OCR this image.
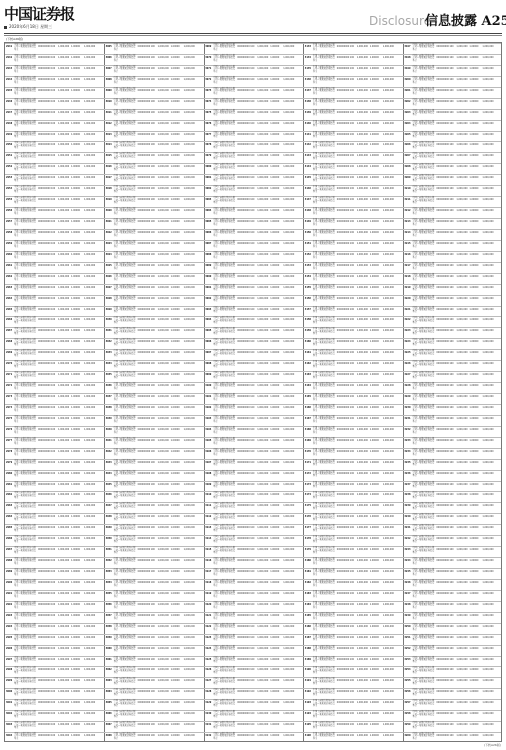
中国证券报
2020年6月18日 星期三	Disclosure
信息披露 A25
(下转A26版)
2941
中国工商银行股份有限公司—某某某证券投资基金
000000000 100 1,000,000 1.00000 1,000,000
2942
中国工商银行股份有限公司—某某某证券投资基金
000000000 100 1,000,000 1.00000 1,000,000
2943
中国工商银行股份有限公司—某某某证券投资基金
000000000 100 1,000,000 1.00000 1,000,000
2944
中国工商银行股份有限公司—某某某证券投资基金
000000000 100 1,000,000 1.00000 1,000,000
2945
中国工商银行股份有限公司—某某某证券投资基金
000000000 100 1,000,000 1.00000 1,000,000
2946
中国工商银行股份有限公司—某某某证券投资基金
000000000 100 1,000,000 1.00000 1,000,000
2947
中国工商银行股份有限公司—某某某证券投资基金
000000000 100 1,000,000 1.00000 1,000,000
2948
中国工商银行股份有限公司—某某某证券投资基金
000000000 100 1,000,000 1.00000 1,000,000
2949
中国工商银行股份有限公司—某某某证券投资基金
000000000 100 1,000,000 1.00000 1,000,000
2950
中国工商银行股份有限公司—某某某证券投资基金
000000000 100 1,000,000 1.00000 1,000,000
2951
中国工商银行股份有限公司—某某某证券投资基金
000000000 100 1,000,000 1.00000 1,000,000
2952
中国工商银行股份有限公司—某某某证券投资基金
000000000 100 1,000,000 1.00000 1,000,000
2953
中国工商银行股份有限公司—某某某证券投资基金
000000000 100 1,000,000 1.00000 1,000,000
2954
中国工商银行股份有限公司—某某某证券投资基金
000000000 100 1,000,000 1.00000 1,000,000
2955
中国工商银行股份有限公司—某某某证券投资基金
000000000 100 1,000,000 1.00000 1,000,000
2956
中国工商银行股份有限公司—某某某证券投资基金
000000000 100 1,000,000 1.00000 1,000,000
2957
中国工商银行股份有限公司—某某某证券投资基金
000000000 100 1,000,000 1.00000 1,000,000
2958
中国工商银行股份有限公司—某某某证券投资基金
000000000 100 1,000,000 1.00000 1,000,000
2959
中国工商银行股份有限公司—某某某证券投资基金
000000000 100 1,000,000 1.00000 1,000,000
2960
中国工商银行股份有限公司—某某某证券投资基金
000000000 100 1,000,000 1.00000 1,000,000
2961
中国工商银行股份有限公司—某某某证券投资基金
000000000 100 1,000,000 1.00000 1,000,000
2962
中国工商银行股份有限公司—某某某证券投资基金
000000000 100 1,000,000 1.00000 1,000,000
2963
中国工商银行股份有限公司—某某某证券投资基金
000000000 100 1,000,000 1.00000 1,000,000
2964
中国工商银行股份有限公司—某某某证券投资基金
000000000 100 1,000,000 1.00000 1,000,000
2965
中国工商银行股份有限公司—某某某证券投资基金
000000000 100 1,000,000 1.00000 1,000,000
2966
中国工商银行股份有限公司—某某某证券投资基金
000000000 100 1,000,000 1.00000 1,000,000
2967
中国工商银行股份有限公司—某某某证券投资基金
000000000 100 1,000,000 1.00000 1,000,000
2968
中国工商银行股份有限公司—某某某证券投资基金
000000000 100 1,000,000 1.00000 1,000,000
2969
中国工商银行股份有限公司—某某某证券投资基金
000000000 100 1,000,000 1.00000 1,000,000
2970
中国工商银行股份有限公司—某某某证券投资基金
000000000 100 1,000,000 1.00000 1,000,000
2971
中国工商银行股份有限公司—某某某证券投资基金
000000000 100 1,000,000 1.00000 1,000,000
2972
中国工商银行股份有限公司—某某某证券投资基金
000000000 100 1,000,000 1.00000 1,000,000
2973
中国工商银行股份有限公司—某某某证券投资基金
000000000 100 1,000,000 1.00000 1,000,000
2974
中国工商银行股份有限公司—某某某证券投资基金
000000000 100 1,000,000 1.00000 1,000,000
2975
中国工商银行股份有限公司—某某某证券投资基金
000000000 100 1,000,000 1.00000 1,000,000
2976
中国工商银行股份有限公司—某某某证券投资基金
000000000 100 1,000,000 1.00000 1,000,000
2977
中国工商银行股份有限公司—某某某证券投资基金
000000000 100 1,000,000 1.00000 1,000,000
2978
中国工商银行股份有限公司—某某某证券投资基金
000000000 100 1,000,000 1.00000 1,000,000
2979
中国工商银行股份有限公司—某某某证券投资基金
000000000 100 1,000,000 1.00000 1,000,000
2980
中国工商银行股份有限公司—某某某证券投资基金
000000000 100 1,000,000 1.00000 1,000,000
2981
中国工商银行股份有限公司—某某某证券投资基金
000000000 100 1,000,000 1.00000 1,000,000
2982
中国工商银行股份有限公司—某某某证券投资基金
000000000 100 1,000,000 1.00000 1,000,000
2983
中国工商银行股份有限公司—某某某证券投资基金
000000000 100 1,000,000 1.00000 1,000,000
2984
中国工商银行股份有限公司—某某某证券投资基金
000000000 100 1,000,000 1.00000 1,000,000
2985
中国工商银行股份有限公司—某某某证券投资基金
000000000 100 1,000,000 1.00000 1,000,000
2986
中国工商银行股份有限公司—某某某证券投资基金
000000000 100 1,000,000 1.00000 1,000,000
2987
中国工商银行股份有限公司—某某某证券投资基金
000000000 100 1,000,000 1.00000 1,000,000
2988
中国工商银行股份有限公司—某某某证券投资基金
000000000 100 1,000,000 1.00000 1,000,000
2989
中国工商银行股份有限公司—某某某证券投资基金
000000000 100 1,000,000 1.00000 1,000,000
2990
中国工商银行股份有限公司—某某某证券投资基金
000000000 100 1,000,000 1.00000 1,000,000
2991
中国工商银行股份有限公司—某某某证券投资基金
000000000 100 1,000,000 1.00000 1,000,000
2992
中国工商银行股份有限公司—某某某证券投资基金
000000000 100 1,000,000 1.00000 1,000,000
2993
中国工商银行股份有限公司—某某某证券投资基金
000000000 100 1,000,000 1.00000 1,000,000
2994
中国工商银行股份有限公司—某某某证券投资基金
000000000 100 1,000,000 1.00000 1,000,000
2995
中国工商银行股份有限公司—某某某证券投资基金
000000000 100 1,000,000 1.00000 1,000,000
2996
中国工商银行股份有限公司—某某某证券投资基金
000000000 100 1,000,000 1.00000 1,000,000
2997
中国工商银行股份有限公司—某某某证券投资基金
000000000 100 1,000,000 1.00000 1,000,000
2998
中国工商银行股份有限公司—某某某证券投资基金
000000000 100 1,000,000 1.00000 1,000,000
2999
中国工商银行股份有限公司—某某某证券投资基金
000000000 100 1,000,000 1.00000 1,000,000
3000
中国工商银行股份有限公司—某某某证券投资基金
000000000 100 1,000,000 1.00000 1,000,000
3001
中国工商银行股份有限公司—某某某证券投资基金
000000000 100 1,000,000 1.00000 1,000,000
3002
中国工商银行股份有限公司—某某某证券投资基金
000000000 100 1,000,000 1.00000 1,000,000
3003
中国工商银行股份有限公司—某某某证券投资基金
000000000 100 1,000,000 1.00000 1,000,000
3004
中国工商银行股份有限公司—某某某证券投资基金
000000000 100 1,000,000 1.00000 1,000,000
3005
中国工商银行股份有限公司—某某某证券投资基金
000000000 100 1,000,000 1.00000 1,000,000
3006
中国工商银行股份有限公司—某某某证券投资基金
000000000 100 1,000,000 1.00000 1,000,000
3007
中国工商银行股份有限公司—某某某证券投资基金
000000000 100 1,000,000 1.00000 1,000,000
3008
中国工商银行股份有限公司—某某某证券投资基金
000000000 100 1,000,000 1.00000 1,000,000
3009
中国工商银行股份有限公司—某某某证券投资基金
000000000 100 1,000,000 1.00000 1,000,000
3010
中国工商银行股份有限公司—某某某证券投资基金
000000000 100 1,000,000 1.00000 1,000,000
3011
中国工商银行股份有限公司—某某某证券投资基金
000000000 100 1,000,000 1.00000 1,000,000
3012
中国工商银行股份有限公司—某某某证券投资基金
000000000 100 1,000,000 1.00000 1,000,000
3013
中国工商银行股份有限公司—某某某证券投资基金
000000000 100 1,000,000 1.00000 1,000,000
3014
中国工商银行股份有限公司—某某某证券投资基金
000000000 100 1,000,000 1.00000 1,000,000
3015
中国工商银行股份有限公司—某某某证券投资基金
000000000 100 1,000,000 1.00000 1,000,000
3016
中国工商银行股份有限公司—某某某证券投资基金
000000000 100 1,000,000 1.00000 1,000,000
3017
中国工商银行股份有限公司—某某某证券投资基金
000000000 100 1,000,000 1.00000 1,000,000
3018
中国工商银行股份有限公司—某某某证券投资基金
000000000 100 1,000,000 1.00000 1,000,000
3019
中国工商银行股份有限公司—某某某证券投资基金
000000000 100 1,000,000 1.00000 1,000,000
3020
中国工商银行股份有限公司—某某某证券投资基金
000000000 100 1,000,000 1.00000 1,000,000
3021
中国工商银行股份有限公司—某某某证券投资基金
000000000 100 1,000,000 1.00000 1,000,000
3022
中国工商银行股份有限公司—某某某证券投资基金
000000000 100 1,000,000 1.00000 1,000,000
3023
中国工商银行股份有限公司—某某某证券投资基金
000000000 100 1,000,000 1.00000 1,000,000
3024
中国工商银行股份有限公司—某某某证券投资基金
000000000 100 1,000,000 1.00000 1,000,000
3025
中国工商银行股份有限公司—某某某证券投资基金
000000000 100 1,000,000 1.00000 1,000,000
3026
中国工商银行股份有限公司—某某某证券投资基金
000000000 100 1,000,000 1.00000 1,000,000
3027
中国工商银行股份有限公司—某某某证券投资基金
000000000 100 1,000,000 1.00000 1,000,000
3028
中国工商银行股份有限公司—某某某证券投资基金
000000000 100 1,000,000 1.00000 1,000,000
3029
中国工商银行股份有限公司—某某某证券投资基金
000000000 100 1,000,000 1.00000 1,000,000
3030
中国工商银行股份有限公司—某某某证券投资基金
000000000 100 1,000,000 1.00000 1,000,000
3031
中国工商银行股份有限公司—某某某证券投资基金
000000000 100 1,000,000 1.00000 1,000,000
3032
中国工商银行股份有限公司—某某某证券投资基金
000000000 100 1,000,000 1.00000 1,000,000
3033
中国工商银行股份有限公司—某某某证券投资基金
000000000 100 1,000,000 1.00000 1,000,000
3034
中国工商银行股份有限公司—某某某证券投资基金
000000000 100 1,000,000 1.00000 1,000,000
3035
中国工商银行股份有限公司—某某某证券投资基金
000000000 100 1,000,000 1.00000 1,000,000
3036
中国工商银行股份有限公司—某某某证券投资基金
000000000 100 1,000,000 1.00000 1,000,000
3037
中国工商银行股份有限公司—某某某证券投资基金
000000000 100 1,000,000 1.00000 1,000,000
3038
中国工商银行股份有限公司—某某某证券投资基金
000000000 100 1,000,000 1.00000 1,000,000
3039
中国工商银行股份有限公司—某某某证券投资基金
000000000 100 1,000,000 1.00000 1,000,000
3040
中国工商银行股份有限公司—某某某证券投资基金
000000000 100 1,000,000 1.00000 1,000,000
3041
中国工商银行股份有限公司—某某某证券投资基金
000000000 100 1,000,000 1.00000 1,000,000
3042
中国工商银行股份有限公司—某某某证券投资基金
000000000 100 1,000,000 1.00000 1,000,000
3043
中国工商银行股份有限公司—某某某证券投资基金
000000000 100 1,000,000 1.00000 1,000,000
3044
中国工商银行股份有限公司—某某某证券投资基金
000000000 100 1,000,000 1.00000 1,000,000
3045
中国工商银行股份有限公司—某某某证券投资基金
000000000 100 1,000,000 1.00000 1,000,000
3046
中国工商银行股份有限公司—某某某证券投资基金
000000000 100 1,000,000 1.00000 1,000,000
3047
中国工商银行股份有限公司—某某某证券投资基金
000000000 100 1,000,000 1.00000 1,000,000
3048
中国工商银行股份有限公司—某某某证券投资基金
000000000 100 1,000,000 1.00000 1,000,000
3049
中国工商银行股份有限公司—某某某证券投资基金
000000000 100 1,000,000 1.00000 1,000,000
3050
中国工商银行股份有限公司—某某某证券投资基金
000000000 100 1,000,000 1.00000 1,000,000
3051
中国工商银行股份有限公司—某某某证券投资基金
000000000 100 1,000,000 1.00000 1,000,000
3052
中国工商银行股份有限公司—某某某证券投资基金
000000000 100 1,000,000 1.00000 1,000,000
3053
中国工商银行股份有限公司—某某某证券投资基金
000000000 100 1,000,000 1.00000 1,000,000
3054
中国工商银行股份有限公司—某某某证券投资基金
000000000 100 1,000,000 1.00000 1,000,000
3055
中国工商银行股份有限公司—某某某证券投资基金
000000000 100 1,000,000 1.00000 1,000,000
3056
中国工商银行股份有限公司—某某某证券投资基金
000000000 100 1,000,000 1.00000 1,000,000
3057
中国工商银行股份有限公司—某某某证券投资基金
000000000 100 1,000,000 1.00000 1,000,000
3058
中国工商银行股份有限公司—某某某证券投资基金
000000000 100 1,000,000 1.00000 1,000,000
3059
中国工商银行股份有限公司—某某某证券投资基金
000000000 100 1,000,000 1.00000 1,000,000
3060
中国工商银行股份有限公司—某某某证券投资基金
000000000 100 1,000,000 1.00000 1,000,000
3061
中国工商银行股份有限公司—某某某证券投资基金
000000000 100 1,000,000 1.00000 1,000,000
3062
中国工商银行股份有限公司—某某某证券投资基金
000000000 100 1,000,000 1.00000 1,000,000
3063
中国工商银行股份有限公司—某某某证券投资基金
000000000 100 1,000,000 1.00000 1,000,000
3064
中国工商银行股份有限公司—某某某证券投资基金
000000000 100 1,000,000 1.00000 1,000,000
3065
中国工商银行股份有限公司—某某某证券投资基金
000000000 100 1,000,000 1.00000 1,000,000
3066
中国工商银行股份有限公司—某某某证券投资基金
000000000 100 1,000,000 1.00000 1,000,000
3067
中国工商银行股份有限公司—某某某证券投资基金
000000000 100 1,000,000 1.00000 1,000,000
3068
中国工商银行股份有限公司—某某某证券投资基金
000000000 100 1,000,000 1.00000 1,000,000
3069
中国工商银行股份有限公司—某某某证券投资基金
000000000 100 1,000,000 1.00000 1,000,000
3070
中国工商银行股份有限公司—某某某证券投资基金
000000000 100 1,000,000 1.00000 1,000,000
3071
中国工商银行股份有限公司—某某某证券投资基金
000000000 100 1,000,000 1.00000 1,000,000
3072
中国工商银行股份有限公司—某某某证券投资基金
000000000 100 1,000,000 1.00000 1,000,000
3073
中国工商银行股份有限公司—某某某证券投资基金
000000000 100 1,000,000 1.00000 1,000,000
3074
中国工商银行股份有限公司—某某某证券投资基金
000000000 100 1,000,000 1.00000 1,000,000
3075
中国工商银行股份有限公司—某某某证券投资基金
000000000 100 1,000,000 1.00000 1,000,000
3076
中国工商银行股份有限公司—某某某证券投资基金
000000000 100 1,000,000 1.00000 1,000,000
3077
中国工商银行股份有限公司—某某某证券投资基金
000000000 100 1,000,000 1.00000 1,000,000
3078
中国工商银行股份有限公司—某某某证券投资基金
000000000 100 1,000,000 1.00000 1,000,000
3079
中国工商银行股份有限公司—某某某证券投资基金
000000000 100 1,000,000 1.00000 1,000,000
3080
中国工商银行股份有限公司—某某某证券投资基金
000000000 100 1,000,000 1.00000 1,000,000
3081
中国工商银行股份有限公司—某某某证券投资基金
000000000 100 1,000,000 1.00000 1,000,000
3082
中国工商银行股份有限公司—某某某证券投资基金
000000000 100 1,000,000 1.00000 1,000,000
3083
中国工商银行股份有限公司—某某某证券投资基金
000000000 100 1,000,000 1.00000 1,000,000
3084
中国工商银行股份有限公司—某某某证券投资基金
000000000 100 1,000,000 1.00000 1,000,000
3085
中国工商银行股份有限公司—某某某证券投资基金
000000000 100 1,000,000 1.00000 1,000,000
3086
中国工商银行股份有限公司—某某某证券投资基金
000000000 100 1,000,000 1.00000 1,000,000
3087
中国工商银行股份有限公司—某某某证券投资基金
000000000 100 1,000,000 1.00000 1,000,000
3088
中国工商银行股份有限公司—某某某证券投资基金
000000000 100 1,000,000 1.00000 1,000,000
3089
中国工商银行股份有限公司—某某某证券投资基金
000000000 100 1,000,000 1.00000 1,000,000
3090
中国工商银行股份有限公司—某某某证券投资基金
000000000 100 1,000,000 1.00000 1,000,000
3091
中国工商银行股份有限公司—某某某证券投资基金
000000000 100 1,000,000 1.00000 1,000,000
3092
中国工商银行股份有限公司—某某某证券投资基金
000000000 100 1,000,000 1.00000 1,000,000
3093
中国工商银行股份有限公司—某某某证券投资基金
000000000 100 1,000,000 1.00000 1,000,000
3094
中国工商银行股份有限公司—某某某证券投资基金
000000000 100 1,000,000 1.00000 1,000,000
3095
中国工商银行股份有限公司—某某某证券投资基金
000000000 100 1,000,000 1.00000 1,000,000
3096
中国工商银行股份有限公司—某某某证券投资基金
000000000 100 1,000,000 1.00000 1,000,000
3097
中国工商银行股份有限公司—某某某证券投资基金
000000000 100 1,000,000 1.00000 1,000,000
3098
中国工商银行股份有限公司—某某某证券投资基金
000000000 100 1,000,000 1.00000 1,000,000
3099
中国工商银行股份有限公司—某某某证券投资基金
000000000 100 1,000,000 1.00000 1,000,000
3100
中国工商银行股份有限公司—某某某证券投资基金
000000000 100 1,000,000 1.00000 1,000,000
3101
中国工商银行股份有限公司—某某某证券投资基金
000000000 100 1,000,000 1.00000 1,000,000
3102
中国工商银行股份有限公司—某某某证券投资基金
000000000 100 1,000,000 1.00000 1,000,000
3103
中国工商银行股份有限公司—某某某证券投资基金
000000000 100 1,000,000 1.00000 1,000,000
3104
中国工商银行股份有限公司—某某某证券投资基金
000000000 100 1,000,000 1.00000 1,000,000
3105
中国工商银行股份有限公司—某某某证券投资基金
000000000 100 1,000,000 1.00000 1,000,000
3106
中国工商银行股份有限公司—某某某证券投资基金
000000000 100 1,000,000 1.00000 1,000,000
3107
中国工商银行股份有限公司—某某某证券投资基金
000000000 100 1,000,000 1.00000 1,000,000
3108
中国工商银行股份有限公司—某某某证券投资基金
000000000 100 1,000,000 1.00000 1,000,000
3109
中国工商银行股份有限公司—某某某证券投资基金
000000000 100 1,000,000 1.00000 1,000,000
3110
中国工商银行股份有限公司—某某某证券投资基金
000000000 100 1,000,000 1.00000 1,000,000
3111
中国工商银行股份有限公司—某某某证券投资基金
000000000 100 1,000,000 1.00000 1,000,000
3112
中国工商银行股份有限公司—某某某证券投资基金
000000000 100 1,000,000 1.00000 1,000,000
3113
中国工商银行股份有限公司—某某某证券投资基金
000000000 100 1,000,000 1.00000 1,000,000
3114
中国工商银行股份有限公司—某某某证券投资基金
000000000 100 1,000,000 1.00000 1,000,000
3115
中国工商银行股份有限公司—某某某证券投资基金
000000000 100 1,000,000 1.00000 1,000,000
3116
中国工商银行股份有限公司—某某某证券投资基金
000000000 100 1,000,000 1.00000 1,000,000
3117
中国工商银行股份有限公司—某某某证券投资基金
000000000 100 1,000,000 1.00000 1,000,000
3118
中国工商银行股份有限公司—某某某证券投资基金
000000000 100 1,000,000 1.00000 1,000,000
3119
中国工商银行股份有限公司—某某某证券投资基金
000000000 100 1,000,000 1.00000 1,000,000
3120
中国工商银行股份有限公司—某某某证券投资基金
000000000 100 1,000,000 1.00000 1,000,000
3121
中国工商银行股份有限公司—某某某证券投资基金
000000000 100 1,000,000 1.00000 1,000,000
3122
中国工商银行股份有限公司—某某某证券投资基金
000000000 100 1,000,000 1.00000 1,000,000
3123
中国工商银行股份有限公司—某某某证券投资基金
000000000 100 1,000,000 1.00000 1,000,000
3124
中国工商银行股份有限公司—某某某证券投资基金
000000000 100 1,000,000 1.00000 1,000,000
3125
中国工商银行股份有限公司—某某某证券投资基金
000000000 100 1,000,000 1.00000 1,000,000
3126
中国工商银行股份有限公司—某某某证券投资基金
000000000 100 1,000,000 1.00000 1,000,000
3127
中国工商银行股份有限公司—某某某证券投资基金
000000000 100 1,000,000 1.00000 1,000,000
3128
中国工商银行股份有限公司—某某某证券投资基金
000000000 100 1,000,000 1.00000 1,000,000
3129
中国工商银行股份有限公司—某某某证券投资基金
000000000 100 1,000,000 1.00000 1,000,000
3130
中国工商银行股份有限公司—某某某证券投资基金
000000000 100 1,000,000 1.00000 1,000,000
3131
中国工商银行股份有限公司—某某某证券投资基金
000000000 100 1,000,000 1.00000 1,000,000
3132
中国工商银行股份有限公司—某某某证券投资基金
000000000 100 1,000,000 1.00000 1,000,000
3133
中国工商银行股份有限公司—某某某证券投资基金
000000000 100 1,000,000 1.00000 1,000,000
3134
中国工商银行股份有限公司—某某某证券投资基金
000000000 100 1,000,000 1.00000 1,000,000
3135
中国工商银行股份有限公司—某某某证券投资基金
000000000 100 1,000,000 1.00000 1,000,000
3136
中国工商银行股份有限公司—某某某证券投资基金
000000000 100 1,000,000 1.00000 1,000,000
3137
中国工商银行股份有限公司—某某某证券投资基金
000000000 100 1,000,000 1.00000 1,000,000
3138
中国工商银行股份有限公司—某某某证券投资基金
000000000 100 1,000,000 1.00000 1,000,000
3139
中国工商银行股份有限公司—某某某证券投资基金
000000000 100 1,000,000 1.00000 1,000,000
3140
中国工商银行股份有限公司—某某某证券投资基金
000000000 100 1,000,000 1.00000 1,000,000
3141
中国工商银行股份有限公司—某某某证券投资基金
000000000 100 1,000,000 1.00000 1,000,000
3142
中国工商银行股份有限公司—某某某证券投资基金
000000000 100 1,000,000 1.00000 1,000,000
3143
中国工商银行股份有限公司—某某某证券投资基金
000000000 100 1,000,000 1.00000 1,000,000
3144
中国工商银行股份有限公司—某某某证券投资基金
000000000 100 1,000,000 1.00000 1,000,000
3145
中国工商银行股份有限公司—某某某证券投资基金
000000000 100 1,000,000 1.00000 1,000,000
3146
中国工商银行股份有限公司—某某某证券投资基金
000000000 100 1,000,000 1.00000 1,000,000
3147
中国工商银行股份有限公司—某某某证券投资基金
000000000 100 1,000,000 1.00000 1,000,000
3148
中国工商银行股份有限公司—某某某证券投资基金
000000000 100 1,000,000 1.00000 1,000,000
3149
中国工商银行股份有限公司—某某某证券投资基金
000000000 100 1,000,000 1.00000 1,000,000
3150
中国工商银行股份有限公司—某某某证券投资基金
000000000 100 1,000,000 1.00000 1,000,000
3151
中国工商银行股份有限公司—某某某证券投资基金
000000000 100 1,000,000 1.00000 1,000,000
3152
中国工商银行股份有限公司—某某某证券投资基金
000000000 100 1,000,000 1.00000 1,000,000
3153
中国工商银行股份有限公司—某某某证券投资基金
000000000 100 1,000,000 1.00000 1,000,000
3154
中国工商银行股份有限公司—某某某证券投资基金
000000000 100 1,000,000 1.00000 1,000,000
3155
中国工商银行股份有限公司—某某某证券投资基金
000000000 100 1,000,000 1.00000 1,000,000
3156
中国工商银行股份有限公司—某某某证券投资基金
000000000 100 1,000,000 1.00000 1,000,000
3157
中国工商银行股份有限公司—某某某证券投资基金
000000000 100 1,000,000 1.00000 1,000,000
3158
中国工商银行股份有限公司—某某某证券投资基金
000000000 100 1,000,000 1.00000 1,000,000
3159
中国工商银行股份有限公司—某某某证券投资基金
000000000 100 1,000,000 1.00000 1,000,000
3160
中国工商银行股份有限公司—某某某证券投资基金
000000000 100 1,000,000 1.00000 1,000,000
3161
中国工商银行股份有限公司—某某某证券投资基金
000000000 100 1,000,000 1.00000 1,000,000
3162
中国工商银行股份有限公司—某某某证券投资基金
000000000 100 1,000,000 1.00000 1,000,000
3163
中国工商银行股份有限公司—某某某证券投资基金
000000000 100 1,000,000 1.00000 1,000,000
3164
中国工商银行股份有限公司—某某某证券投资基金
000000000 100 1,000,000 1.00000 1,000,000
3165
中国工商银行股份有限公司—某某某证券投资基金
000000000 100 1,000,000 1.00000 1,000,000
3166
中国工商银行股份有限公司—某某某证券投资基金
000000000 100 1,000,000 1.00000 1,000,000
3167
中国工商银行股份有限公司—某某某证券投资基金
000000000 100 1,000,000 1.00000 1,000,000
3168
中国工商银行股份有限公司—某某某证券投资基金
000000000 100 1,000,000 1.00000 1,000,000
3169
中国工商银行股份有限公司—某某某证券投资基金
000000000 100 1,000,000 1.00000 1,000,000
3170
中国工商银行股份有限公司—某某某证券投资基金
000000000 100 1,000,000 1.00000 1,000,000
3171
中国工商银行股份有限公司—某某某证券投资基金
000000000 100 1,000,000 1.00000 1,000,000
3172
中国工商银行股份有限公司—某某某证券投资基金
000000000 100 1,000,000 1.00000 1,000,000
3173
中国工商银行股份有限公司—某某某证券投资基金
000000000 100 1,000,000 1.00000 1,000,000
3174
中国工商银行股份有限公司—某某某证券投资基金
000000000 100 1,000,000 1.00000 1,000,000
3175
中国工商银行股份有限公司—某某某证券投资基金
000000000 100 1,000,000 1.00000 1,000,000
3176
中国工商银行股份有限公司—某某某证券投资基金
000000000 100 1,000,000 1.00000 1,000,000
3177
中国工商银行股份有限公司—某某某证券投资基金
000000000 100 1,000,000 1.00000 1,000,000
3178
中国工商银行股份有限公司—某某某证券投资基金
000000000 100 1,000,000 1.00000 1,000,000
3179
中国工商银行股份有限公司—某某某证券投资基金
000000000 100 1,000,000 1.00000 1,000,000
3180
中国工商银行股份有限公司—某某某证券投资基金
000000000 100 1,000,000 1.00000 1,000,000
3181
中国工商银行股份有限公司—某某某证券投资基金
000000000 100 1,000,000 1.00000 1,000,000
3182
中国工商银行股份有限公司—某某某证券投资基金
000000000 100 1,000,000 1.00000 1,000,000
3183
中国工商银行股份有限公司—某某某证券投资基金
000000000 100 1,000,000 1.00000 1,000,000
3184
中国工商银行股份有限公司—某某某证券投资基金
000000000 100 1,000,000 1.00000 1,000,000
3185
中国工商银行股份有限公司—某某某证券投资基金
000000000 100 1,000,000 1.00000 1,000,000
3186
中国工商银行股份有限公司—某某某证券投资基金
000000000 100 1,000,000 1.00000 1,000,000
3187
中国工商银行股份有限公司—某某某证券投资基金
000000000 100 1,000,000 1.00000 1,000,000
3188
中国工商银行股份有限公司—某某某证券投资基金
000000000 100 1,000,000 1.00000 1,000,000
3189
中国工商银行股份有限公司—某某某证券投资基金
000000000 100 1,000,000 1.00000 1,000,000
3190
中国工商银行股份有限公司—某某某证券投资基金
000000000 100 1,000,000 1.00000 1,000,000
3191
中国工商银行股份有限公司—某某某证券投资基金
000000000 100 1,000,000 1.00000 1,000,000
3192
中国工商银行股份有限公司—某某某证券投资基金
000000000 100 1,000,000 1.00000 1,000,000
3193
中国工商银行股份有限公司—某某某证券投资基金
000000000 100 1,000,000 1.00000 1,000,000
3194
中国工商银行股份有限公司—某某某证券投资基金
000000000 100 1,000,000 1.00000 1,000,000
3195
中国工商银行股份有限公司—某某某证券投资基金
000000000 100 1,000,000 1.00000 1,000,000
3196
中国工商银行股份有限公司—某某某证券投资基金
000000000 100 1,000,000 1.00000 1,000,000
3197
中国工商银行股份有限公司—某某某证券投资基金
000000000 100 1,000,000 1.00000 1,000,000
3198
中国工商银行股份有限公司—某某某证券投资基金
000000000 100 1,000,000 1.00000 1,000,000
3199
中国工商银行股份有限公司—某某某证券投资基金
000000000 100 1,000,000 1.00000 1,000,000
3200
中国工商银行股份有限公司—某某某证券投资基金
000000000 100 1,000,000 1.00000 1,000,000
3201
中国工商银行股份有限公司—某某某证券投资基金
000000000 100 1,000,000 1.00000 1,000,000
3202
中国工商银行股份有限公司—某某某证券投资基金
000000000 100 1,000,000 1.00000 1,000,000
3203
中国工商银行股份有限公司—某某某证券投资基金
000000000 100 1,000,000 1.00000 1,000,000
3204
中国工商银行股份有限公司—某某某证券投资基金
000000000 100 1,000,000 1.00000 1,000,000
3205
中国工商银行股份有限公司—某某某证券投资基金
000000000 100 1,000,000 1.00000 1,000,000
3206
中国工商银行股份有限公司—某某某证券投资基金
000000000 100 1,000,000 1.00000 1,000,000
3207
中国工商银行股份有限公司—某某某证券投资基金
000000000 100 1,000,000 1.00000 1,000,000
3208
中国工商银行股份有限公司—某某某证券投资基金
000000000 100 1,000,000 1.00000 1,000,000
3209
中国工商银行股份有限公司—某某某证券投资基金
000000000 100 1,000,000 1.00000 1,000,000
3210
中国工商银行股份有限公司—某某某证券投资基金
000000000 100 1,000,000 1.00000 1,000,000
3211
中国工商银行股份有限公司—某某某证券投资基金
000000000 100 1,000,000 1.00000 1,000,000
3212
中国工商银行股份有限公司—某某某证券投资基金
000000000 100 1,000,000 1.00000 1,000,000
3213
中国工商银行股份有限公司—某某某证券投资基金
000000000 100 1,000,000 1.00000 1,000,000
3214
中国工商银行股份有限公司—某某某证券投资基金
000000000 100 1,000,000 1.00000 1,000,000
3215
中国工商银行股份有限公司—某某某证券投资基金
000000000 100 1,000,000 1.00000 1,000,000
3216
中国工商银行股份有限公司—某某某证券投资基金
000000000 100 1,000,000 1.00000 1,000,000
3217
中国工商银行股份有限公司—某某某证券投资基金
000000000 100 1,000,000 1.00000 1,000,000
3218
中国工商银行股份有限公司—某某某证券投资基金
000000000 100 1,000,000 1.00000 1,000,000
3219
中国工商银行股份有限公司—某某某证券投资基金
000000000 100 1,000,000 1.00000 1,000,000
3220
中国工商银行股份有限公司—某某某证券投资基金
000000000 100 1,000,000 1.00000 1,000,000
3221
中国工商银行股份有限公司—某某某证券投资基金
000000000 100 1,000,000 1.00000 1,000,000
3222
中国工商银行股份有限公司—某某某证券投资基金
000000000 100 1,000,000 1.00000 1,000,000
3223
中国工商银行股份有限公司—某某某证券投资基金
000000000 100 1,000,000 1.00000 1,000,000
3224
中国工商银行股份有限公司—某某某证券投资基金
000000000 100 1,000,000 1.00000 1,000,000
3225
中国工商银行股份有限公司—某某某证券投资基金
000000000 100 1,000,000 1.00000 1,000,000
3226
中国工商银行股份有限公司—某某某证券投资基金
000000000 100 1,000,000 1.00000 1,000,000
3227
中国工商银行股份有限公司—某某某证券投资基金
000000000 100 1,000,000 1.00000 1,000,000
3228
中国工商银行股份有限公司—某某某证券投资基金
000000000 100 1,000,000 1.00000 1,000,000
3229
中国工商银行股份有限公司—某某某证券投资基金
000000000 100 1,000,000 1.00000 1,000,000
3230
中国工商银行股份有限公司—某某某证券投资基金
000000000 100 1,000,000 1.00000 1,000,000
3231
中国工商银行股份有限公司—某某某证券投资基金
000000000 100 1,000,000 1.00000 1,000,000
3232
中国工商银行股份有限公司—某某某证券投资基金
000000000 100 1,000,000 1.00000 1,000,000
3233
中国工商银行股份有限公司—某某某证券投资基金
000000000 100 1,000,000 1.00000 1,000,000
3234
中国工商银行股份有限公司—某某某证券投资基金
000000000 100 1,000,000 1.00000 1,000,000
3235
中国工商银行股份有限公司—某某某证券投资基金
000000000 100 1,000,000 1.00000 1,000,000
3236
中国工商银行股份有限公司—某某某证券投资基金
000000000 100 1,000,000 1.00000 1,000,000
3237
中国工商银行股份有限公司—某某某证券投资基金
000000000 100 1,000,000 1.00000 1,000,000
3238
中国工商银行股份有限公司—某某某证券投资基金
000000000 100 1,000,000 1.00000 1,000,000
3239
中国工商银行股份有限公司—某某某证券投资基金
000000000 100 1,000,000 1.00000 1,000,000
3240
中国工商银行股份有限公司—某某某证券投资基金
000000000 100 1,000,000 1.00000 1,000,000
3241
中国工商银行股份有限公司—某某某证券投资基金
000000000 100 1,000,000 1.00000 1,000,000
3242
中国工商银行股份有限公司—某某某证券投资基金
000000000 100 1,000,000 1.00000 1,000,000
3243
中国工商银行股份有限公司—某某某证券投资基金
000000000 100 1,000,000 1.00000 1,000,000
3244
中国工商银行股份有限公司—某某某证券投资基金
000000000 100 1,000,000 1.00000 1,000,000
3245
中国工商银行股份有限公司—某某某证券投资基金
000000000 100 1,000,000 1.00000 1,000,000
3246
中国工商银行股份有限公司—某某某证券投资基金
000000000 100 1,000,000 1.00000 1,000,000
3247
中国工商银行股份有限公司—某某某证券投资基金
000000000 100 1,000,000 1.00000 1,000,000
3248
中国工商银行股份有限公司—某某某证券投资基金
000000000 100 1,000,000 1.00000 1,000,000
3249
中国工商银行股份有限公司—某某某证券投资基金
000000000 100 1,000,000 1.00000 1,000,000
3250
中国工商银行股份有限公司—某某某证券投资基金
000000000 100 1,000,000 1.00000 1,000,000
3251
中国工商银行股份有限公司—某某某证券投资基金
000000000 100 1,000,000 1.00000 1,000,000
3252
中国工商银行股份有限公司—某某某证券投资基金
000000000 100 1,000,000 1.00000 1,000,000
3253
中国工商银行股份有限公司—某某某证券投资基金
000000000 100 1,000,000 1.00000 1,000,000
3254
中国工商银行股份有限公司—某某某证券投资基金
000000000 100 1,000,000 1.00000 1,000,000
3255
中国工商银行股份有限公司—某某某证券投资基金
000000000 100 1,000,000 1.00000 1,000,000
3256
中国工商银行股份有限公司—某某某证券投资基金
000000000 100 1,000,000 1.00000 1,000,000
3257
中国工商银行股份有限公司—某某某证券投资基金
000000000 100 1,000,000 1.00000 1,000,000
3258
中国工商银行股份有限公司—某某某证券投资基金
000000000 100 1,000,000 1.00000 1,000,000
3259
中国工商银行股份有限公司—某某某证券投资基金
000000000 100 1,000,000 1.00000 1,000,000
3260
中国工商银行股份有限公司—某某某证券投资基金
000000000 100 1,000,000 1.00000 1,000,000
(下转A26版)
